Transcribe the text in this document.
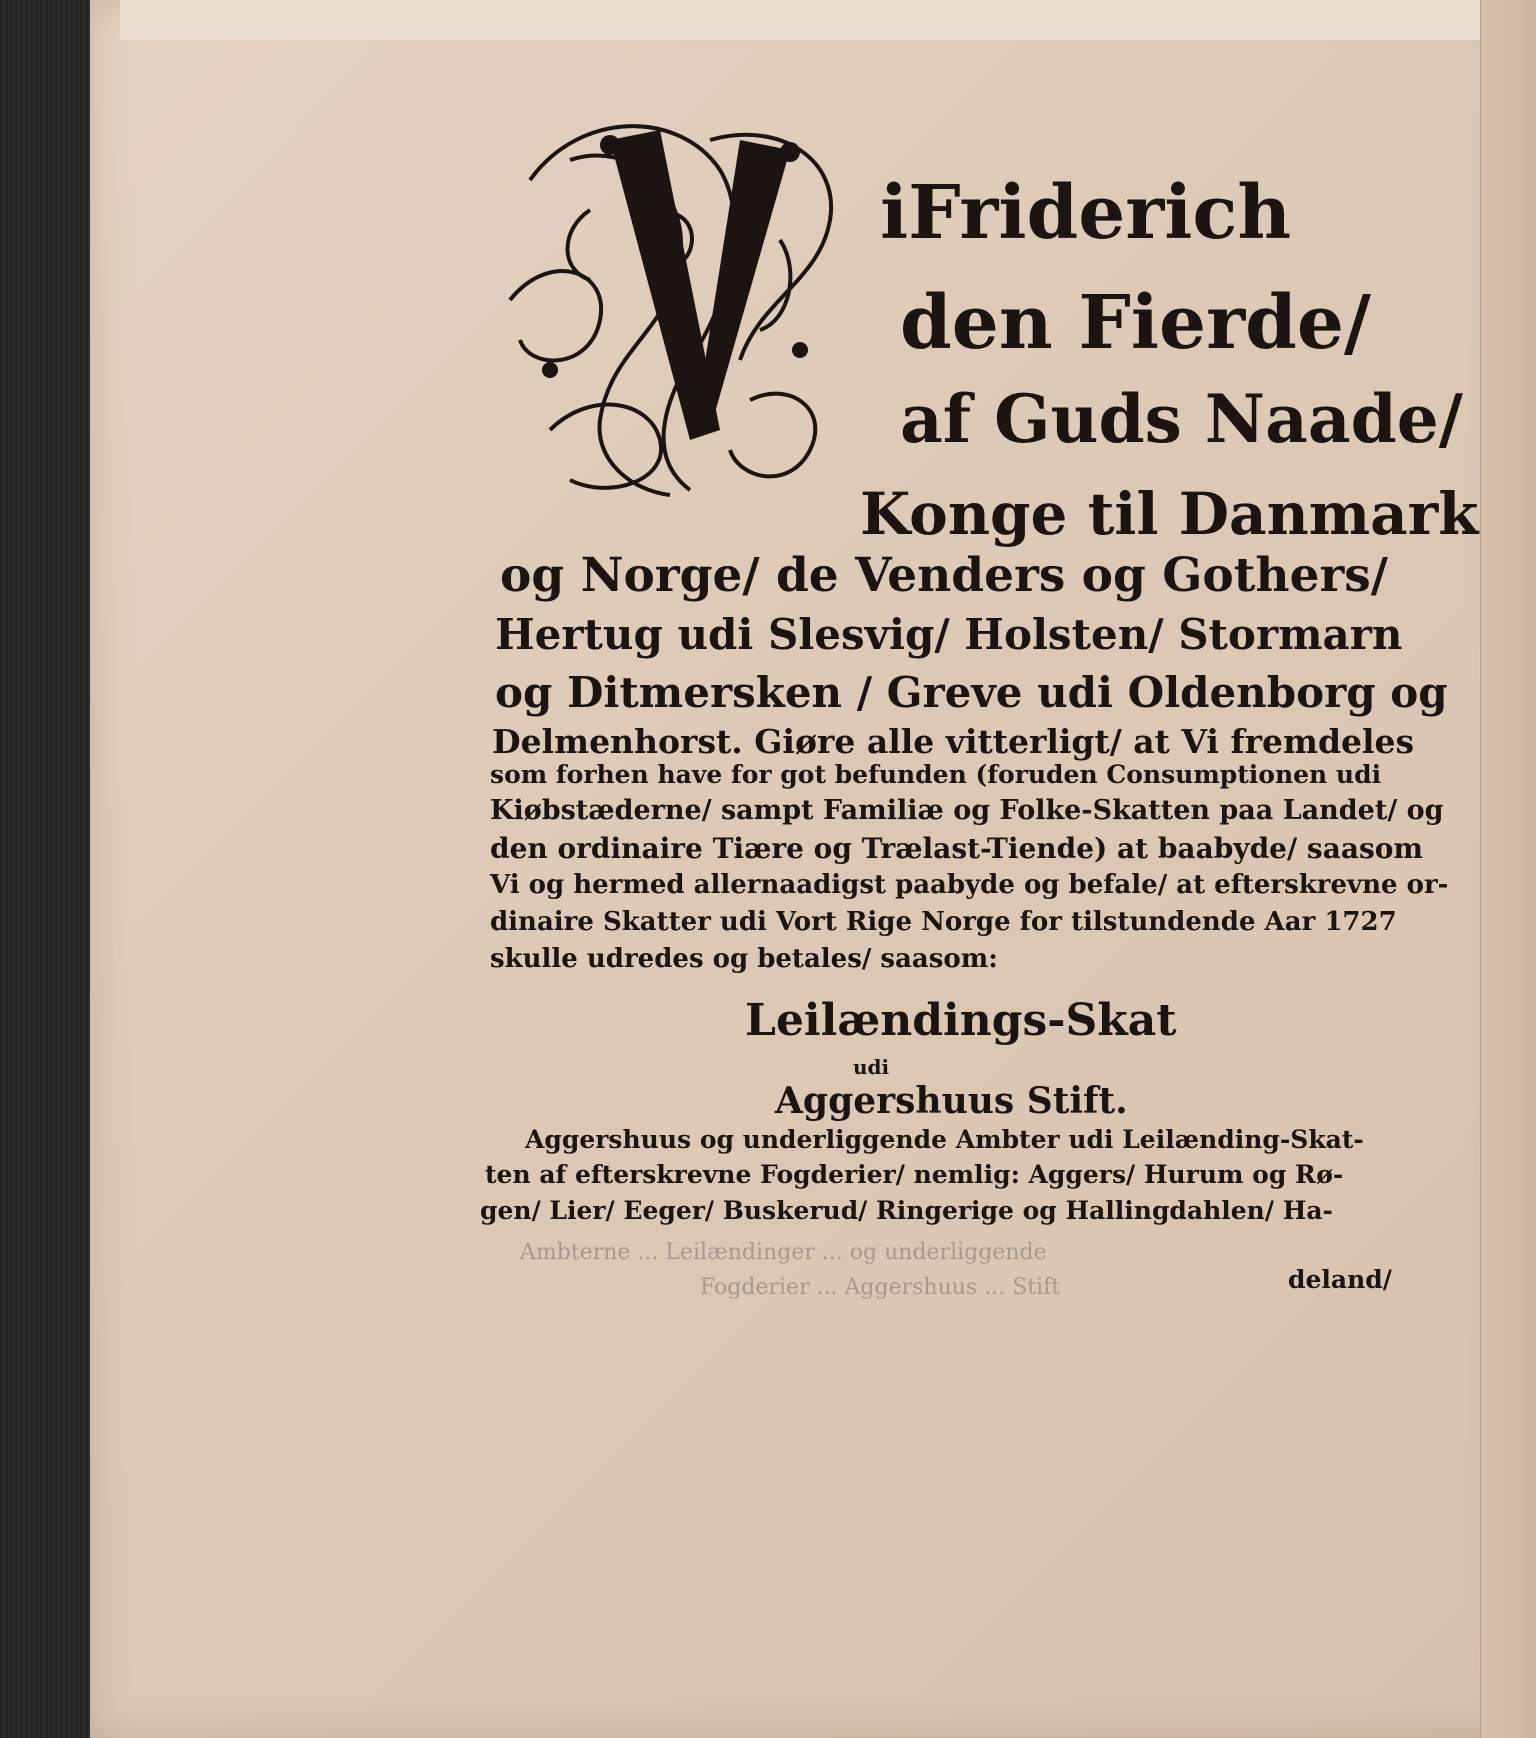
iFriderich
den Fierde/
af Guds Naade/
Konge til Danmark
og Norge/ de Venders og Gothers/
Hertug udi Slesvig/ Holsten/ Stormarn
og Ditmersken / Greve udi Oldenborg og
Delmenhorst. Giøre alle vitterligt/ at Vi fremdeles
som forhen have for got befunden (foruden Consumptionen udi
Kiøbstæderne/ sampt Familiæ og Folke-Skatten paa Landet/ og
den ordinaire Tiære og Trælast-Tiende) at baabyde/ saasom
Vi og hermed allernaadigst paabyde og befale/ at efterskrevne or-
dinaire Skatter udi Vort Rige Norge for tilstundende Aar 1727
skulle udredes og betales/ saasom:
Leilændings-Skat
udi
Aggershuus Stift.
Aggershuus og underliggende Ambter udi Leilænding-Skat-
ten af efterskrevne Fogderier/ nemlig: Aggers/ Hurum og Rø-
gen/ Lier/ Eeger/ Buskerud/ Ringerige og Hallingdahlen/ Ha-
deland/
Ambterne ... Leilændinger ... og underliggende
Fogderier ... Aggershuus ... Stift
